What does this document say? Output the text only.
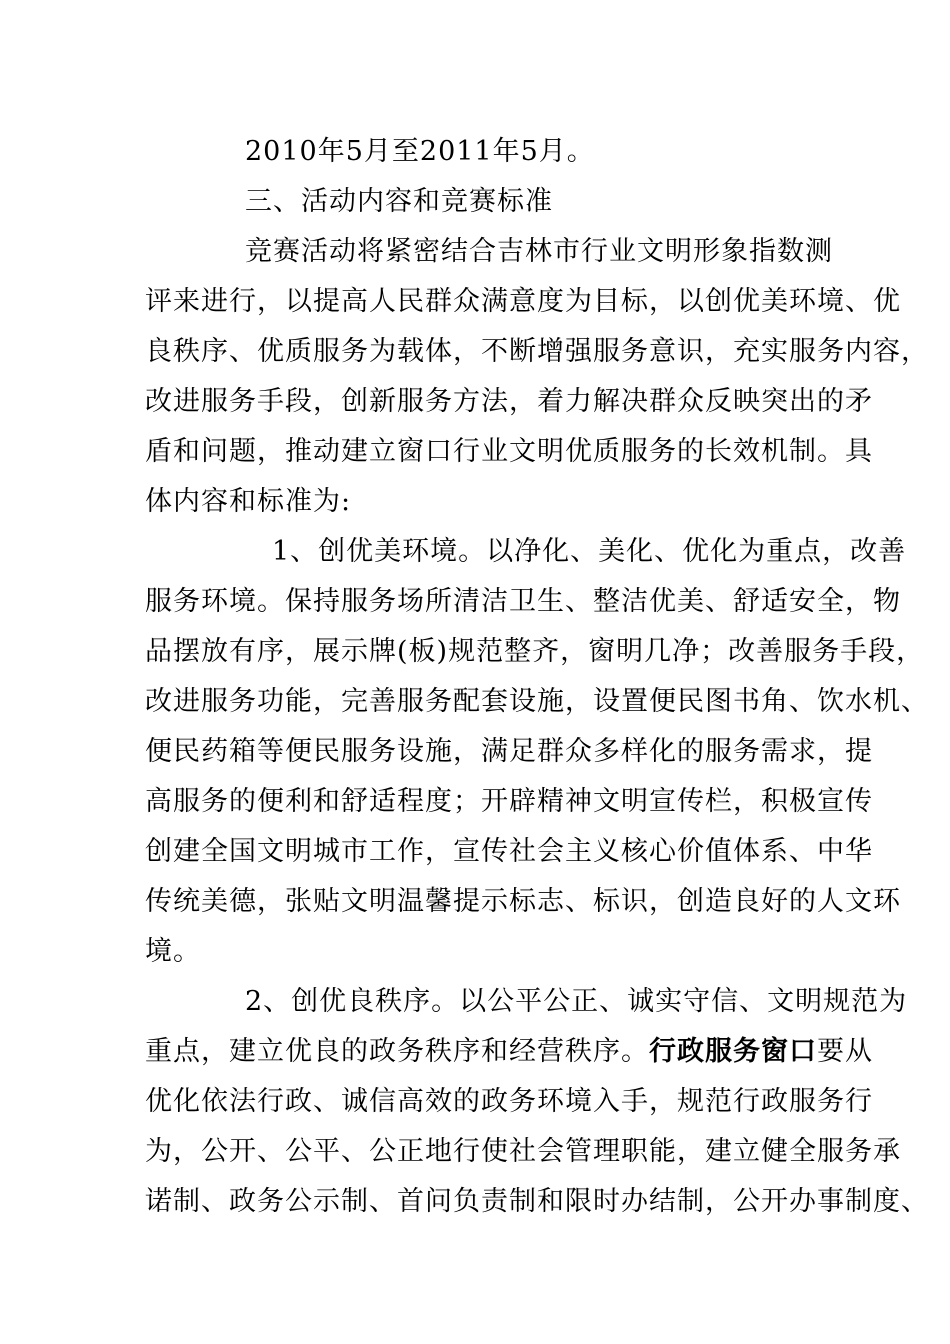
2010年5月至2011年5月。
三、活动内容和竞赛标准
竞赛活动将紧密结合吉林市行业文明形象指数测
评来进行，以提高人民群众满意度为目标，以创优美环境、优
良秩序、优质服务为载体，不断增强服务意识，充实服务内容，
改进服务手段，创新服务方法，着力解决群众反映突出的矛
盾和问题，推动建立窗口行业文明优质服务的长效机制。具
体内容和标准为:
1、创优美环境。以净化、美化、优化为重点，改善
服务环境。保持服务场所清洁卫生、整洁优美、舒适安全，物
品摆放有序，展示牌(板)规范整齐，窗明几净；改善服务手段，
改进服务功能，完善服务配套设施，设置便民图书角、饮水机、
便民药箱等便民服务设施，满足群众多样化的服务需求，提
高服务的便利和舒适程度；开辟精神文明宣传栏，积极宣传
创建全国文明城市工作，宣传社会主义核心价值体系、中华
传统美德，张贴文明温馨提示标志、标识，创造良好的人文环
境。
2、创优良秩序。以公平公正、诚实守信、文明规范为
重点，建立优良的政务秩序和经营秩序。行政服务窗口要从
优化依法行政、诚信高效的政务环境入手，规范行政服务行
为，公开、公平、公正地行使社会管理职能，建立健全服务承
诺制、政务公示制、首问负责制和限时办结制，公开办事制度、
